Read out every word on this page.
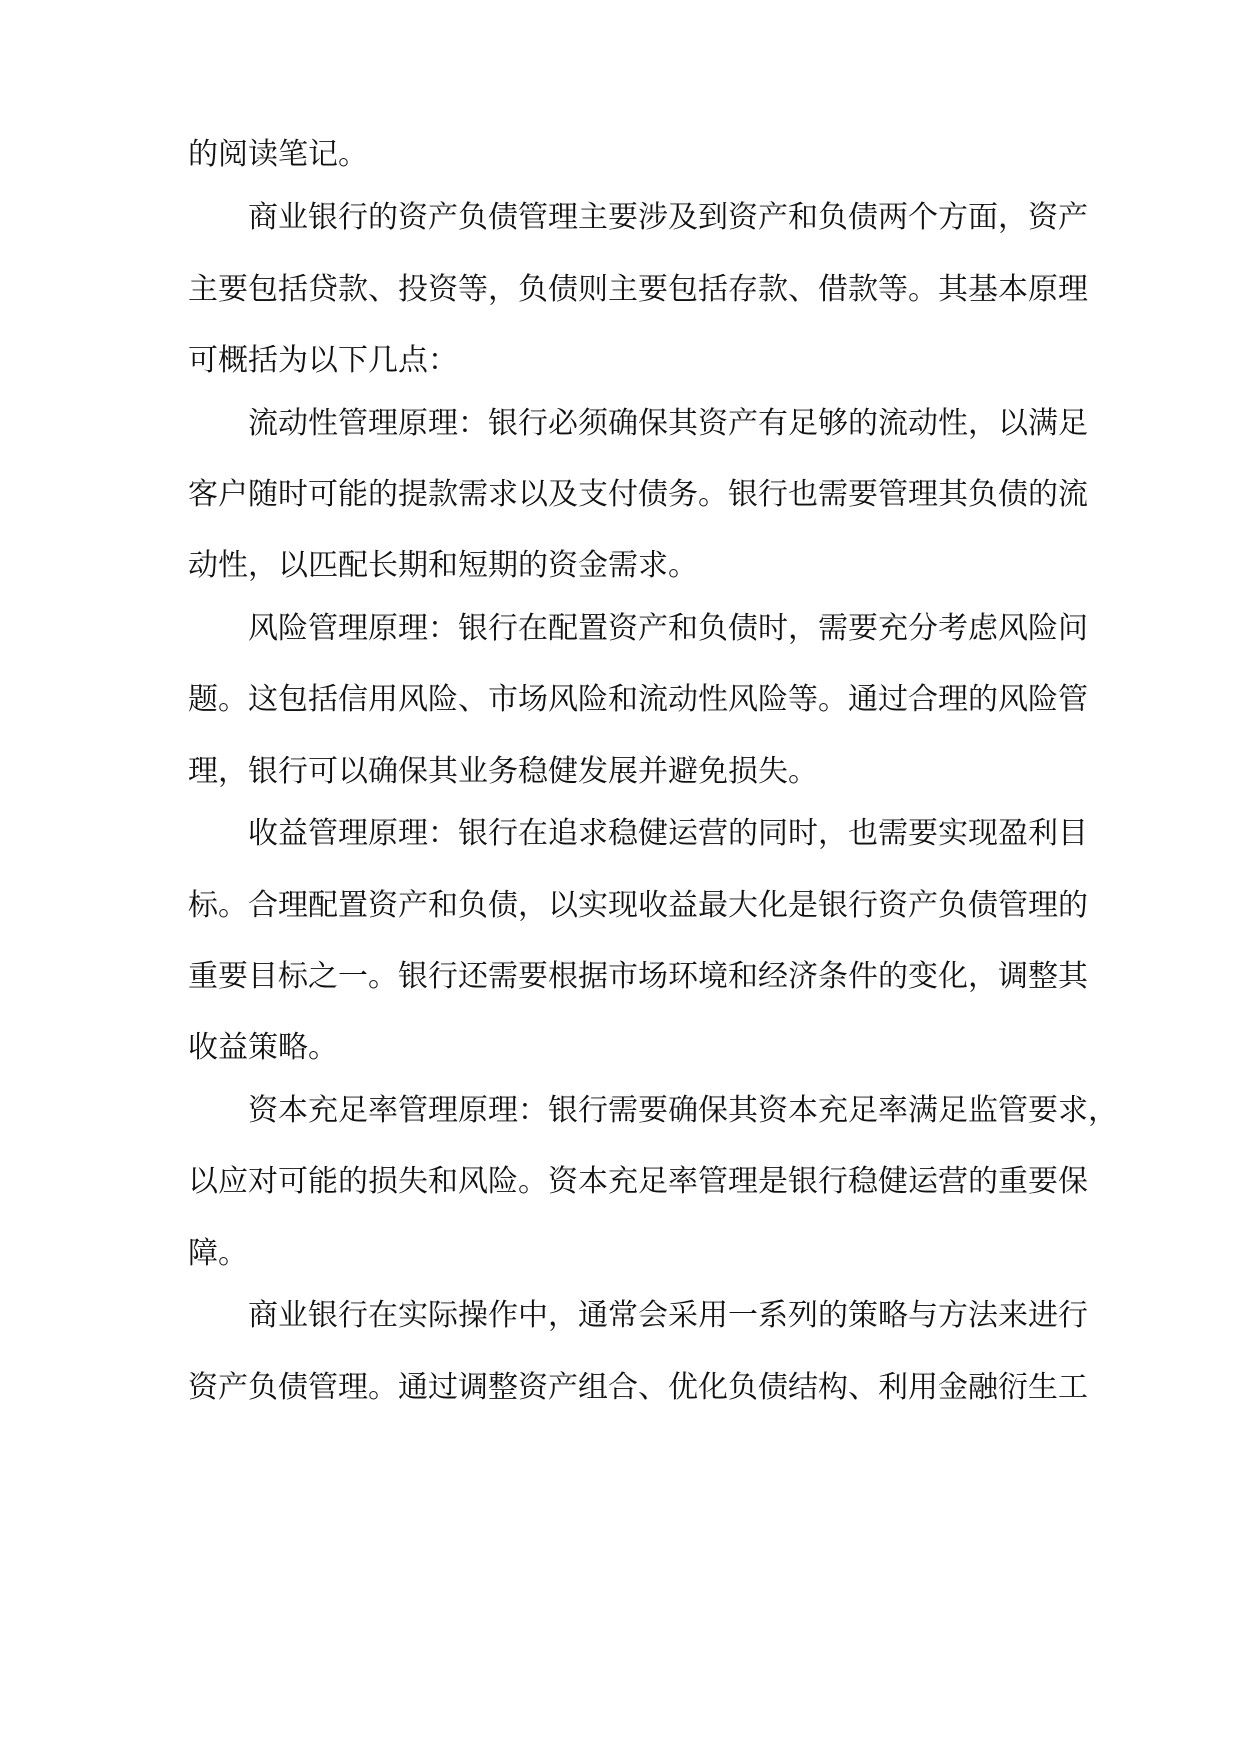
的阅读笔记。
商业银行的资产负债管理主要涉及到资产和负债两个方面，资产
主要包括贷款、投资等，负债则主要包括存款、借款等。其基本原理
可概括为以下几点：
流动性管理原理：银行必须确保其资产有足够的流动性，以满足
客户随时可能的提款需求以及支付债务。银行也需要管理其负债的流
动性，以匹配长期和短期的资金需求。
风险管理原理：银行在配置资产和负债时，需要充分考虑风险问
题。这包括信用风险、市场风险和流动性风险等。通过合理的风险管
理，银行可以确保其业务稳健发展并避免损失。
收益管理原理：银行在追求稳健运营的同时，也需要实现盈利目
标。合理配置资产和负债，以实现收益最大化是银行资产负债管理的
重要目标之一。银行还需要根据市场环境和经济条件的变化，调整其
收益策略。
资本充足率管理原理：银行需要确保其资本充足率满足监管要求，
以应对可能的损失和风险。资本充足率管理是银行稳健运营的重要保
障。
商业银行在实际操作中，通常会采用一系列的策略与方法来进行
资产负债管理。通过调整资产组合、优化负债结构、利用金融衍生工
